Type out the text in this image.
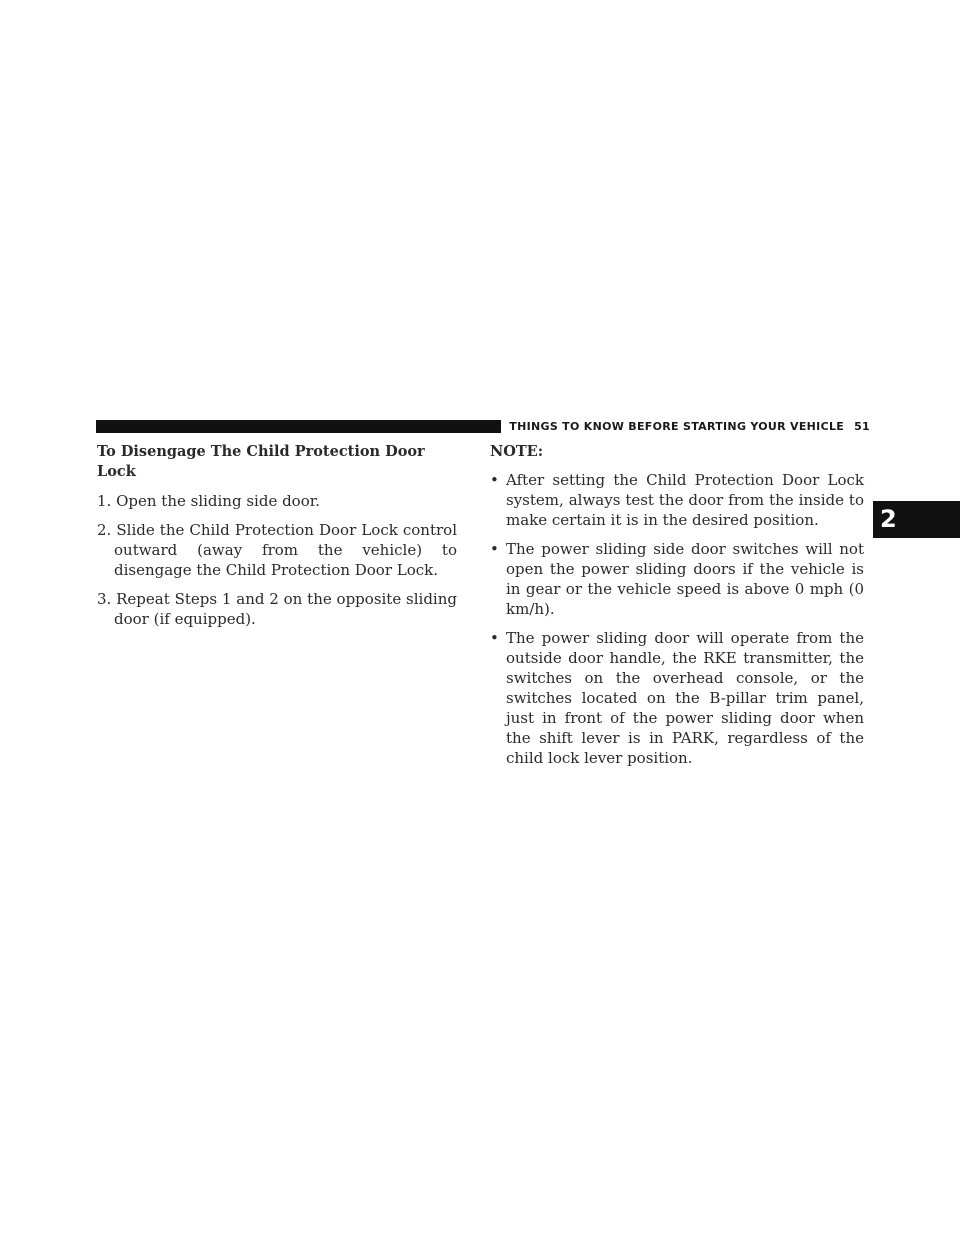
THINGS TO KNOW BEFORE STARTING YOUR VEHICLE 51
2
To Disengage The Child Protection Door Lock
1. Open the sliding side door.
2. Slide the Child Protection Door Lock control outward (away from the vehicle) to disengage the Child Protection Door Lock.
3. Repeat Steps 1 and 2 on the opposite sliding door (if equipped).
NOTE:
• After setting the Child Protection Door Lock system, always test the door from the inside to make certain it is in the desired position.
• The power sliding side door switches will not open the power sliding doors if the vehicle is in gear or the vehicle speed is above 0 mph (0 km/h).
• The power sliding door will operate from the outside door handle, the RKE transmitter, the switches on the overhead console, or the switches located on the B-pillar trim panel, just in front of the power sliding door when the shift lever is in PARK, regardless of the child lock lever position.
